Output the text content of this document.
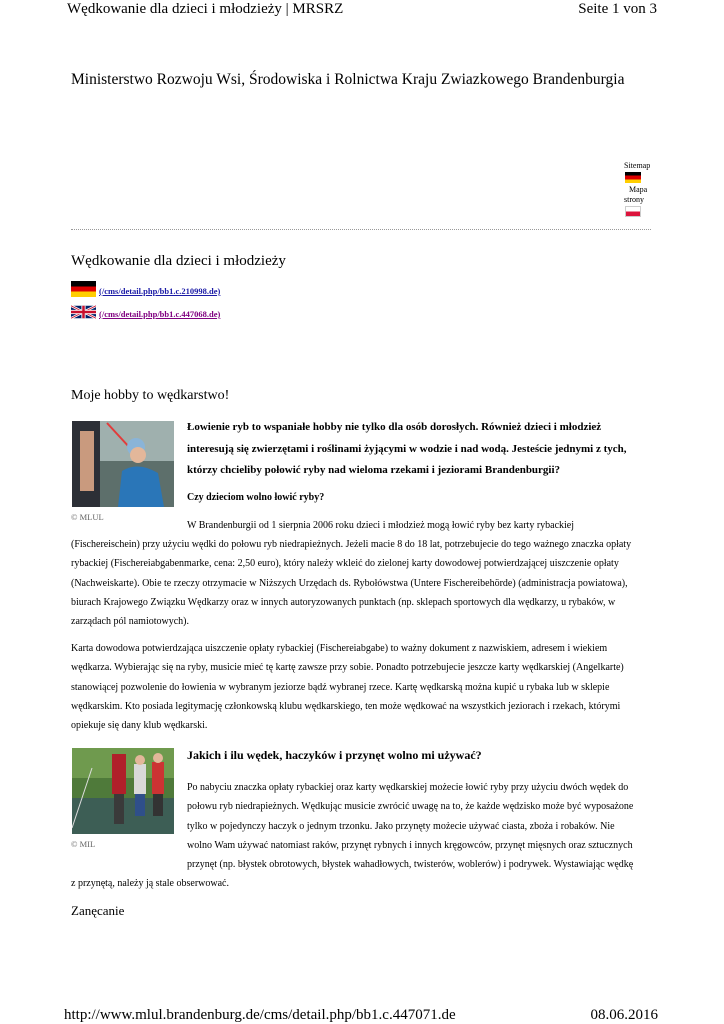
Wędkowanie dla dzieci i młodzieży | MRSRZ	Seite 1 von 3
Ministerstwo Rozwoju Wsi, Środowiska i Rolnictwa Kraju Zwiazkowego Brandenburgia
Sitemap
Mapa
strony
Wędkowanie dla dzieci i młodzieży
(/cms/detail.php/bb1.c.210998.de)
(/cms/detail.php/bb1.c.447068.de)
Moje hobby to wędkarstwo!
© MLUL
Łowienie ryb to wspaniałe hobby nie tylko dla osób dorosłych. Również dzieci i młodzież
interesują się zwierzętami i roślinami żyjącymi w wodzie i nad wodą. Jesteście jednymi z tych,
którzy chcieliby połowić ryby nad wieloma rzekami i jeziorami Brandenburgii?
Czy dzieciom wolno łowić ryby?
W Brandenburgii od 1 sierpnia 2006 roku dzieci i młodzież mogą łowić ryby bez karty rybackiej
(Fischereischein) przy użyciu wędki do połowu ryb niedrapieżnych. Jeżeli macie 8 do 18 lat, potrzebujecie do tego ważnego znaczka opłaty
rybackiej (Fischereiabgabenmarke, cena: 2,50 euro), który należy wkleić do zielonej karty dowodowej potwierdzającej uiszczenie opłaty
(Nachweiskarte). Obie te rzeczy otrzymacie w Niższych Urzędach ds. Rybołówstwa (Untere Fischereibehörde) (administracja powiatowa),
biurach Krajowego Związku Wędkarzy oraz w innych autoryzowanych punktach (np. sklepach sportowych dla wędkarzy, u rybaków, w
zarządach pól namiotowych).
Karta dowodowa potwierdzająca uiszczenie opłaty rybackiej (Fischereiabgabe) to ważny dokument z nazwiskiem, adresem i wiekiem
wędkarza. Wybierając się na ryby, musicie mieć tę kartę zawsze przy sobie. Ponadto potrzebujecie jeszcze karty wędkarskiej (Angelkarte)
stanowiącej pozwolenie do łowienia w wybranym jeziorze bądź wybranej rzece. Kartę wędkarską można kupić u rybaka lub w sklepie
wędkarskim. Kto posiada legitymację członkowską klubu wędkarskiego, ten może wędkować na wszystkich jeziorach i rzekach, którymi
opiekuje się dany klub wędkarski.
© MIL
Jakich i ilu wędek, haczyków i przynęt wolno mi używać?
Po nabyciu znaczka opłaty rybackiej oraz karty wędkarskiej możecie łowić ryby przy użyciu dwóch wędek do
połowu ryb niedrapieżnych. Wędkując musicie zwrócić uwagę na to, że każde wędzisko może być wyposażone
tylko w pojedynczy haczyk o jednym trzonku. Jako przynęty możecie używać ciasta, zboża i robaków. Nie
wolno Wam używać natomiast raków, przynęt rybnych i innych kręgowców, przynęt mięsnych oraz sztucznych
przynęt (np. błystek obrotowych, błystek wahadłowych, twisterów, woblerów) i podrywek. Wystawiając wędkę
z przynętą, należy ją stale obserwować.
Zanęcanie
http://www.mlul.brandenburg.de/cms/detail.php/bb1.c.447071.de	08.06.2016
